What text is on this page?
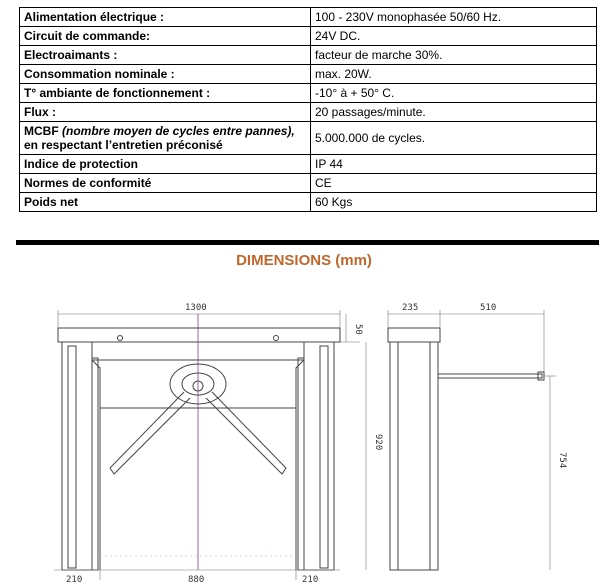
Alimentation électrique :	100 - 230V monophasée 50/60 Hz.
Circuit de commande:	24V DC.
Electroaimants :	facteur de marche 30%.
Consommation nominale :	max. 20W.
T° ambiante de fonctionnement :	-10° à + 50° C.
Flux :	20 passages/minute.
MCBF (nombre moyen de cycles entre pannes),
en respectant l’entretien préconisé	5.000.000 de cycles.
Indice de protection	IP 44
Normes de conformité	CE
Poids net	60 Kgs
DIMENSIONS (mm)
1300
50
920
210	880	210
235	510
754
